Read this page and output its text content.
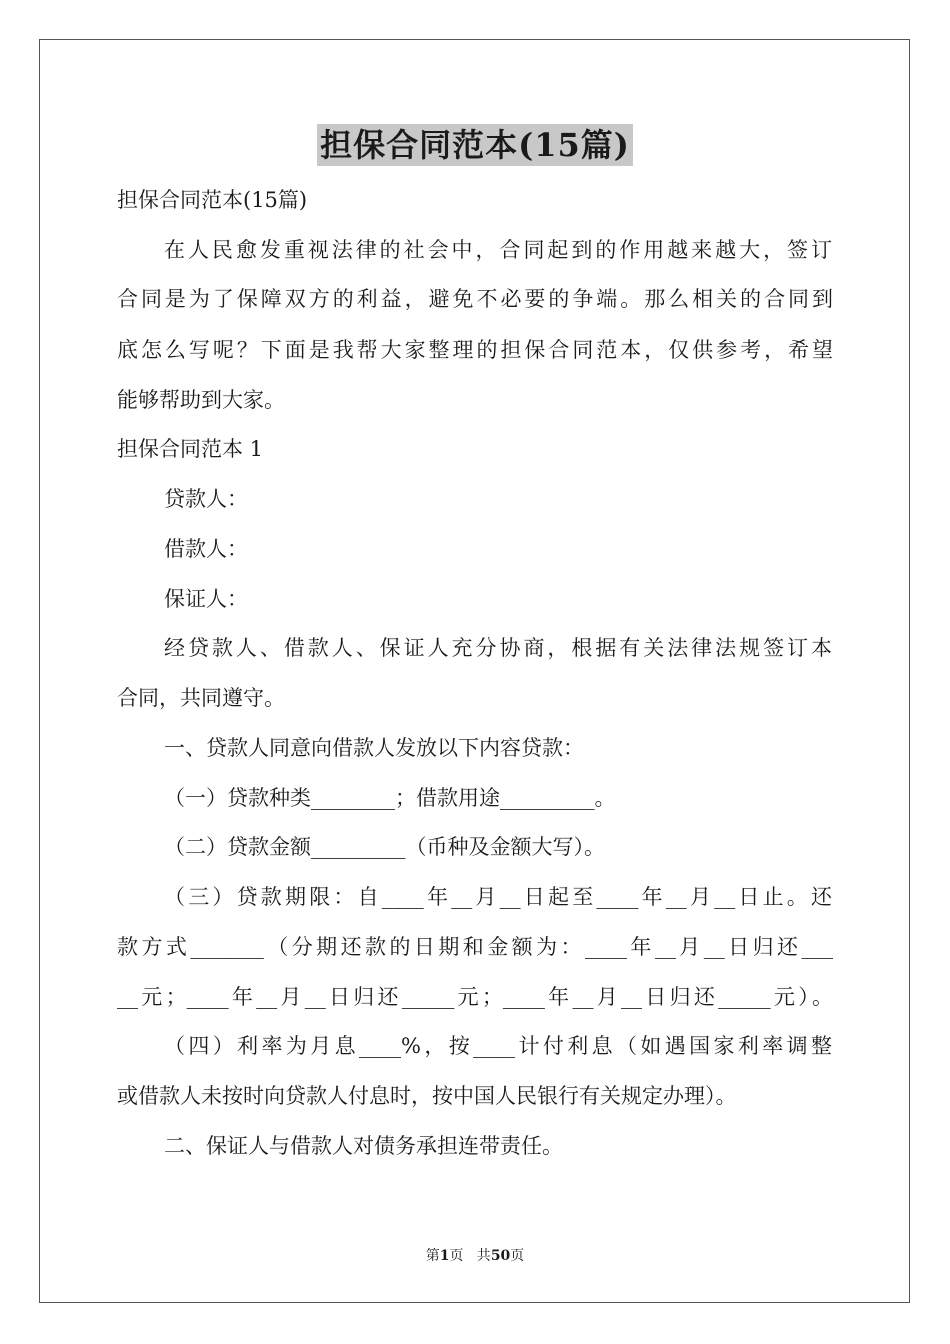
担保合同范本(15篇)
担保合同范本(15篇)
在人民愈发重视法律的社会中，合同起到的作用越来越大，签订
合同是为了保障双方的利益，避免不必要的争端。那么相关的合同到
底怎么写呢？下面是我帮大家整理的担保合同范本，仅供参考，希望
能够帮助到大家。
担保合同范本 1
贷款人：
借款人：
保证人：
经贷款人、借款人、保证人充分协商，根据有关法律法规签订本
合同，共同遵守。
一、贷款人同意向借款人发放以下内容贷款：
（一）贷款种类________；借款用途_________。
（二）贷款金额_________（币种及金额大写）。
（三）贷款期限：自____年__月__日起至____年__月__日止。还
款方式_______（分期还款的日期和金额为：____年__月__日归还___
__元；____年__月__日归还_____元；____年__月__日归还_____元）。
（四）利率为月息____%，按____计付利息（如遇国家利率调整
或借款人未按时向贷款人付息时，按中国人民银行有关规定办理）。
二、保证人与借款人对债务承担连带责任。
第1页   共50页
